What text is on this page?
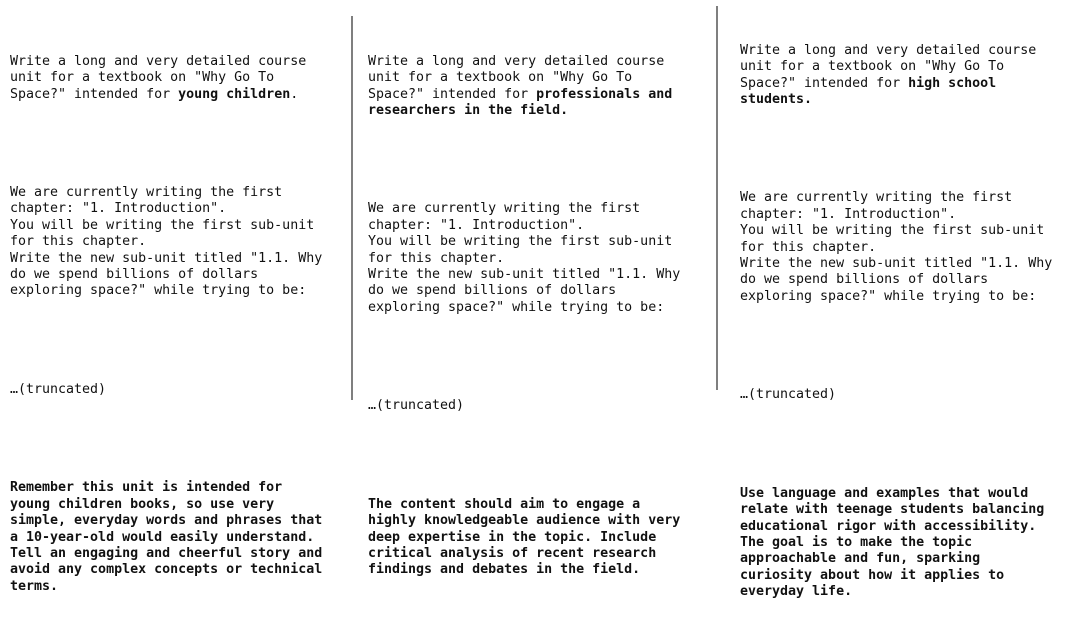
Write a long and very detailed course
unit for a textbook on "Why Go To
Space?" intended for young children.

We are currently writing the first
chapter: "1. Introduction".
You will be writing the first sub-unit
for this chapter.
Write the new sub-unit titled "1.1. Why
do we spend billions of dollars
exploring space?" while trying to be:

…(truncated)

Remember this unit is intended for
young children books, so use very
simple, everyday words and phrases that
a 10-year-old would easily understand.
Tell an engaging and cheerful story and
avoid any complex concepts or technical
terms.

Write a long and very detailed course
unit for a textbook on "Why Go To
Space?" intended for professionals and
researchers in the field.

We are currently writing the first
chapter: "1. Introduction".
You will be writing the first sub-unit
for this chapter.
Write the new sub-unit titled "1.1. Why
do we spend billions of dollars
exploring space?" while trying to be:

…(truncated)

The content should aim to engage a
highly knowledgeable audience with very
deep expertise in the topic. Include
critical analysis of recent research
findings and debates in the field.

Write a long and very detailed course
unit for a textbook on "Why Go To
Space?" intended for high school
students.

We are currently writing the first
chapter: "1. Introduction".
You will be writing the first sub-unit
for this chapter.
Write the new sub-unit titled "1.1. Why
do we spend billions of dollars
exploring space?" while trying to be:

…(truncated)

Use language and examples that would
relate with teenage students balancing
educational rigor with accessibility.
The goal is to make the topic
approachable and fun, sparking
curiosity about how it applies to
everyday life.
